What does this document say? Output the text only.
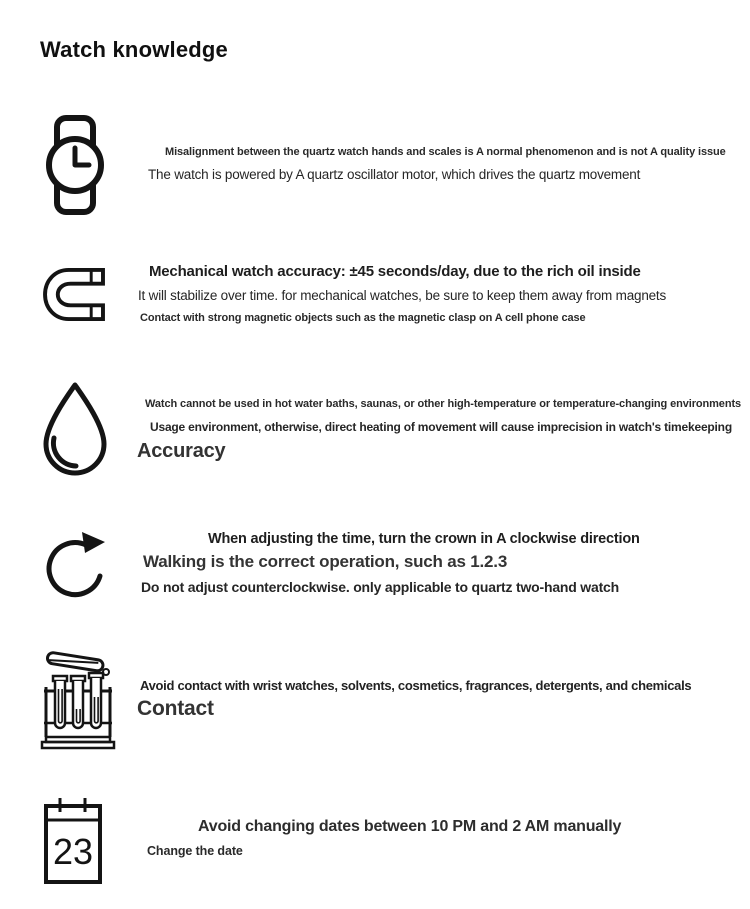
Watch knowledge
Misalignment between the quartz watch hands and scales is A normal phenomenon and is not A quality issue
The watch is powered by A quartz oscillator motor, which drives the quartz movement
Mechanical watch accuracy: ±45 seconds/day, due to the rich oil inside
It will stabilize over time. for mechanical watches, be sure to keep them away from magnets
Contact with strong magnetic objects such as the magnetic clasp on A cell phone case
Watch cannot be used in hot water baths, saunas, or other high-temperature or temperature-changing environments
Usage environment, otherwise, direct heating of movement will cause imprecision in watch's timekeeping
Accuracy
When adjusting the time, turn the crown in A clockwise direction
Walking is the correct operation, such as 1.2.3
Do not adjust counterclockwise. only applicable to quartz two-hand watch
Avoid contact with wrist watches, solvents, cosmetics, fragrances, detergents, and chemicals
Contact
23
Avoid changing dates between 10 PM and 2 AM manually
Change the date
